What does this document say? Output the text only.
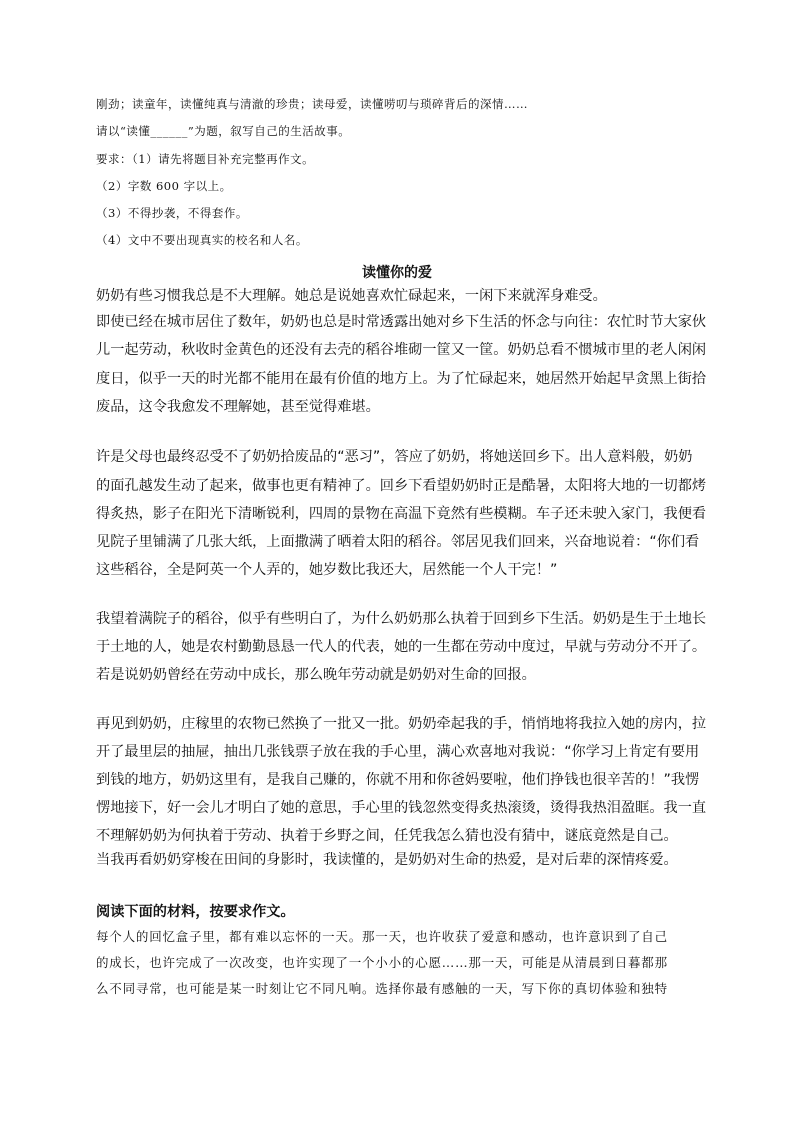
刚劲；读童年，读懂纯真与清澈的珍贵；读母爱，读懂唠叨与琐碎背后的深情……
请以“读懂______”为题，叙写自己的生活故事。
要求：（1）请先将题目补充完整再作文。
（2）字数 600 字以上。
（3）不得抄袭，不得套作。
（4）文中不要出现真实的校名和人名。
读懂你的爱
奶奶有些习惯我总是不大理解。她总是说她喜欢忙碌起来，一闲下来就浑身难受。
即使已经在城市居住了数年，奶奶也总是时常透露出她对乡下生活的怀念与向往：农忙时节大家伙
儿一起劳动，秋收时金黄色的还没有去壳的稻谷堆砌一筐又一筐。奶奶总看不惯城市里的老人闲闲
度日，似乎一天的时光都不能用在最有价值的地方上。为了忙碌起来，她居然开始起早贪黑上街拾
废品，这令我愈发不理解她，甚至觉得难堪。
许是父母也最终忍受不了奶奶拾废品的“恶习”，答应了奶奶，将她送回乡下。出人意料般，奶奶
的面孔越发生动了起来，做事也更有精神了。回乡下看望奶奶时正是酷暑，太阳将大地的一切都烤
得炙热，影子在阳光下清晰锐利，四周的景物在高温下竟然有些模糊。车子还未驶入家门，我便看
见院子里铺满了几张大纸，上面撒满了晒着太阳的稻谷。邻居见我们回来，兴奋地说着：“你们看
这些稻谷，全是阿英一个人弄的，她岁数比我还大，居然能一个人干完！”
我望着满院子的稻谷，似乎有些明白了，为什么奶奶那么执着于回到乡下生活。奶奶是生于土地长
于土地的人，她是农村勤勤恳恳一代人的代表，她的一生都在劳动中度过，早就与劳动分不开了。
若是说奶奶曾经在劳动中成长，那么晚年劳动就是奶奶对生命的回报。
再见到奶奶，庄稼里的农物已然换了一批又一批。奶奶牵起我的手，悄悄地将我拉入她的房内，拉
开了最里层的抽屉，抽出几张钱票子放在我的手心里，满心欢喜地对我说：“你学习上肯定有要用
到钱的地方，奶奶这里有，是我自己赚的，你就不用和你爸妈要啦，他们挣钱也很辛苦的！”我愣
愣地接下，好一会儿才明白了她的意思，手心里的钱忽然变得炙热滚烫，烫得我热泪盈眶。我一直
不理解奶奶为何执着于劳动、执着于乡野之间，任凭我怎么猜也没有猜中，谜底竟然是自己。
当我再看奶奶穿梭在田间的身影时，我读懂的，是奶奶对生命的热爱，是对后辈的深情疼爱。
阅读下面的材料，按要求作文。
每个人的回忆盒子里，都有难以忘怀的一天。那一天，也许收获了爱意和感动，也许意识到了自己
的成长，也许完成了一次改变，也许实现了一个小小的心愿……那一天，可能是从清晨到日暮都那
么不同寻常，也可能是某一时刻让它不同凡响。选择你最有感触的一天，写下你的真切体验和独特
